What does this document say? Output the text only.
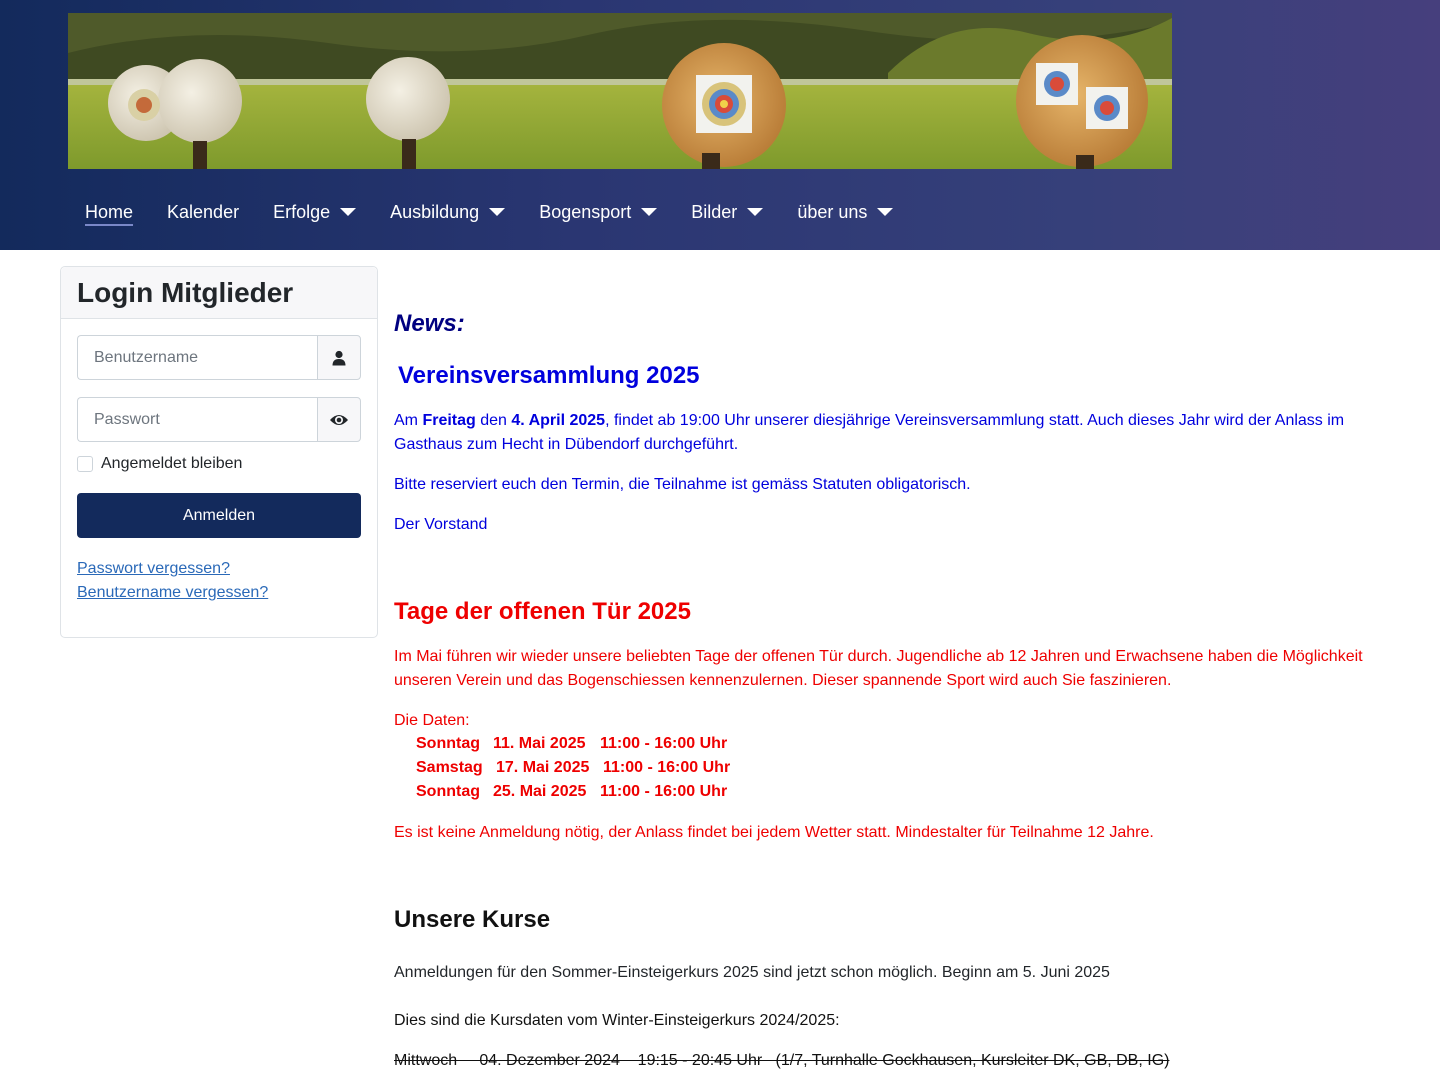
Home Kalender Erfolge	Ausbildung	Bogensport	Bilder	über uns
Login Mitglieder
Benutzername
Angemeldet bleiben
Anmelden
Passwort vergessen?
Benutzername vergessen?
News:
Vereinsversammlung 2025

Am Freitag den 4. April 2025, findet ab 19:00 Uhr unserer diesjährige Vereinsversammlung statt. Auch dieses Jahr wird der Anlass im Gasthaus zum Hecht in Dübendorf durchgeführt.

Bitte reserviert euch den Termin, die Teilnahme ist gemäss Statuten obligatorisch.

Der Vorstand

Tage der offenen Tür 2025

Im Mai führen wir wieder unsere beliebten Tage der offenen Tür durch. Jugendliche ab 12 Jahren und Erwachsene haben die Möglichkeit unseren Verein und das Bogenschiessen kennenzulernen. Dieser spannende Sport wird auch Sie faszinieren.

Die Daten:

Sonntag 11. Mai 2025 11:00 - 16:00 Uhr
Samstag 17. Mai 2025 11:00 - 16:00 Uhr
Sonntag 25. Mai 2025 11:00 - 16:00 Uhr

Es ist keine Anmeldung nötig, der Anlass findet bei jedem Wetter statt. Mindestalter für Teilnahme 12 Jahre.

Unsere Kurse

Anmeldungen für den Sommer-Einsteigerkurs 2025 sind jetzt schon möglich. Beginn am 5. Juni 2025

Dies sind die Kursdaten vom Winter-Einsteigerkurs 2024/2025:

Mittwoch     04. Dezember 2024    19:15 - 20:45 Uhr   (1/7, Turnhalle Gockhausen, Kursleiter DK, GB, DB, IG)
